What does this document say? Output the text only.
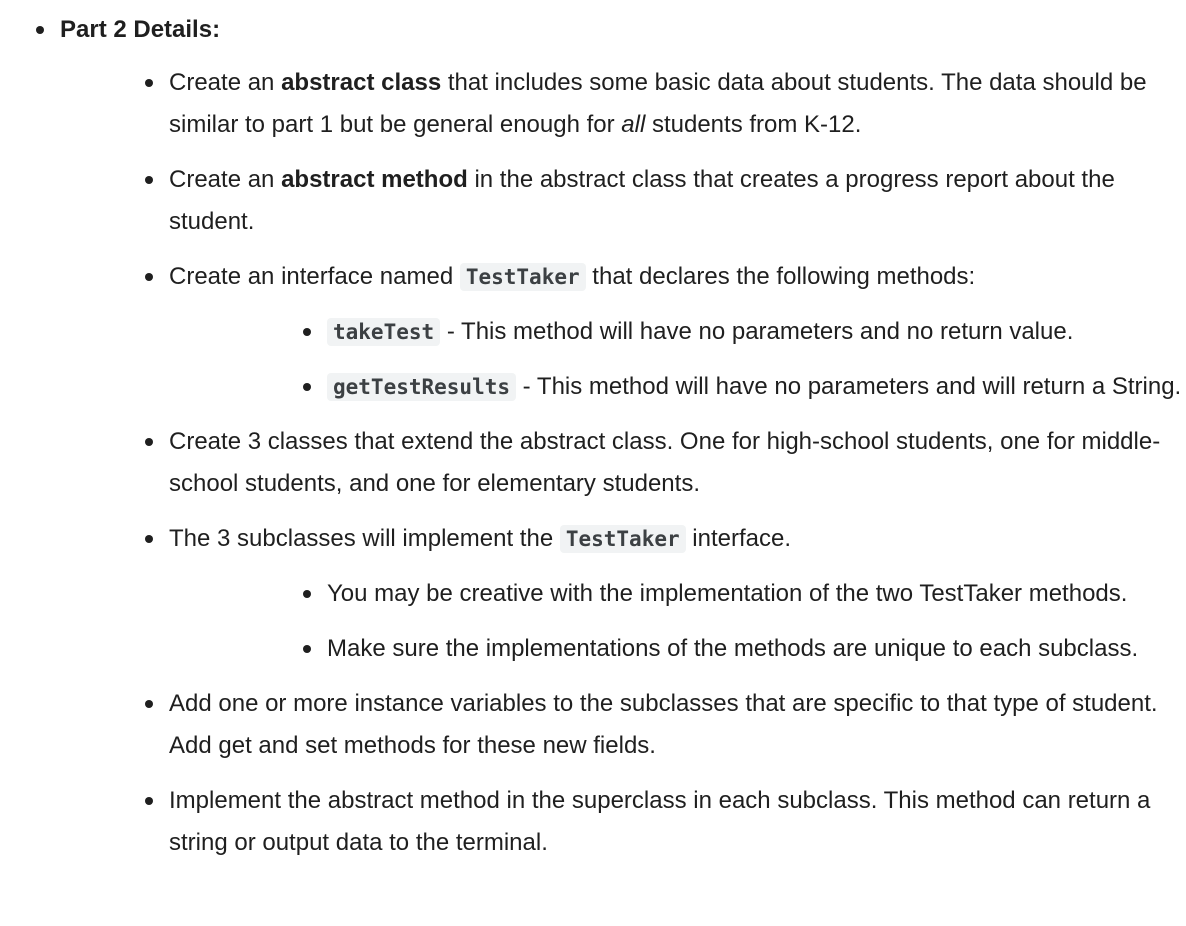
Part 2 Details:
Create an abstract class that includes some basic data about students. The data should be similar to part 1 but be general enough for all students from K-12.
Create an abstract method in the abstract class that creates a progress report about the student.
Create an interface named TestTaker that declares the following methods:
takeTest - This method will have no parameters and no return value.
getTestResults - This method will have no parameters and will return a String.
Create 3 classes that extend the abstract class. One for high-school students, one for middle-school students, and one for elementary students.
The 3 subclasses will implement the TestTaker interface.
You may be creative with the implementation of the two TestTaker methods.
Make sure the implementations of the methods are unique to each subclass.
Add one or more instance variables to the subclasses that are specific to that type of student. Add get and set methods for these new fields.
Implement the abstract method in the superclass in each subclass. This method can return a string or output data to the terminal.
